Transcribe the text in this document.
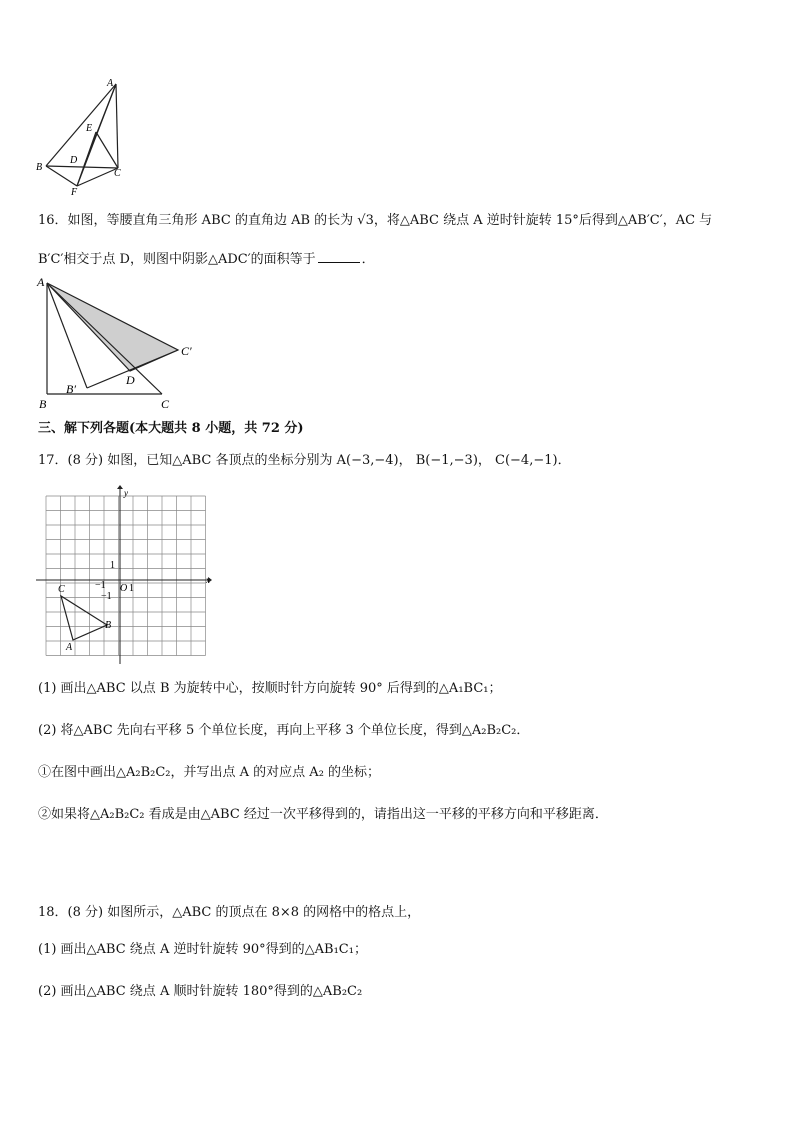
A
E
D
B
C
F
16．如图，等腰直角三角形 ABC 的直角边 AB 的长为 √3，将△ABC 绕点 A 逆时针旋转 15°后得到△AB′C′，AC 与
B′C′相交于点 D，则图中阴影△ADC′的面积等于	．
A
C′
D
B′
B	C
三、解下列各题(本大题共 8 小题，共 72 分)
17．(8 分) 如图，已知△ABC 各顶点的坐标分别为 A(−3,−4)， B(−1,−3)， C(−4,−1)．
x
y
1
−1 O 1
−1
C
B
A
(1) 画出△ABC 以点 B 为旋转中心，按顺时针方向旋转 90° 后得到的△A₁BC₁；
(2) 将△ABC 先向右平移 5 个单位长度，再向上平移 3 个单位长度，得到△A₂B₂C₂．
①在图中画出△A₂B₂C₂，并写出点 A 的对应点 A₂ 的坐标；
②如果将△A₂B₂C₂ 看成是由△ABC 经过一次平移得到的，请指出这一平移的平移方向和平移距离．
18．(8 分) 如图所示，△ABC 的顶点在 8×8 的网格中的格点上，
(1) 画出△ABC 绕点 A 逆时针旋转 90°得到的△AB₁C₁；
(2) 画出△ABC 绕点 A 顺时针旋转 180°得到的△AB₂C₂
